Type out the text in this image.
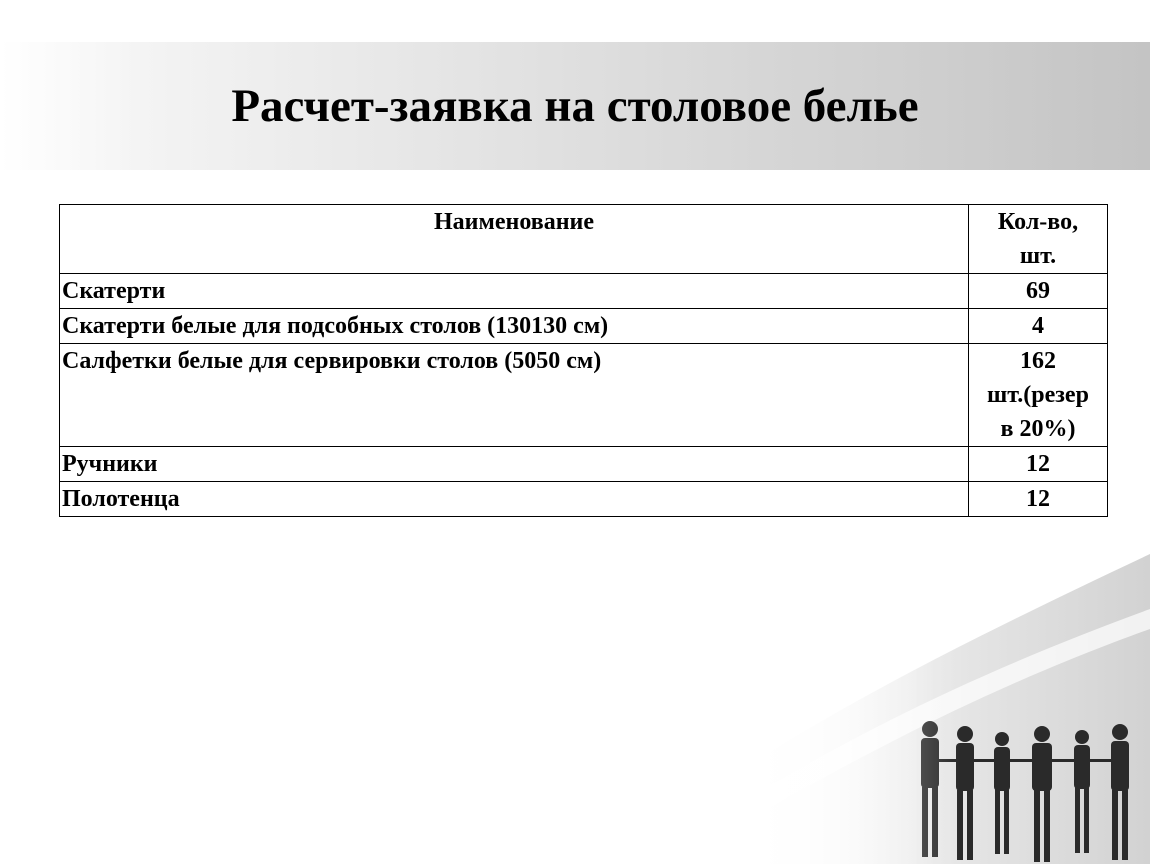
Расчет-заявка на столовое белье
Наименование	Кол-во,
шт.

Скатерти	69
Скатерти белые для подсобных столов (130130 см)	4
Салфетки белые для сервировки столов (5050 см)	162
шт.(резер
в 20%)

Ручники	12
Полотенца	12
